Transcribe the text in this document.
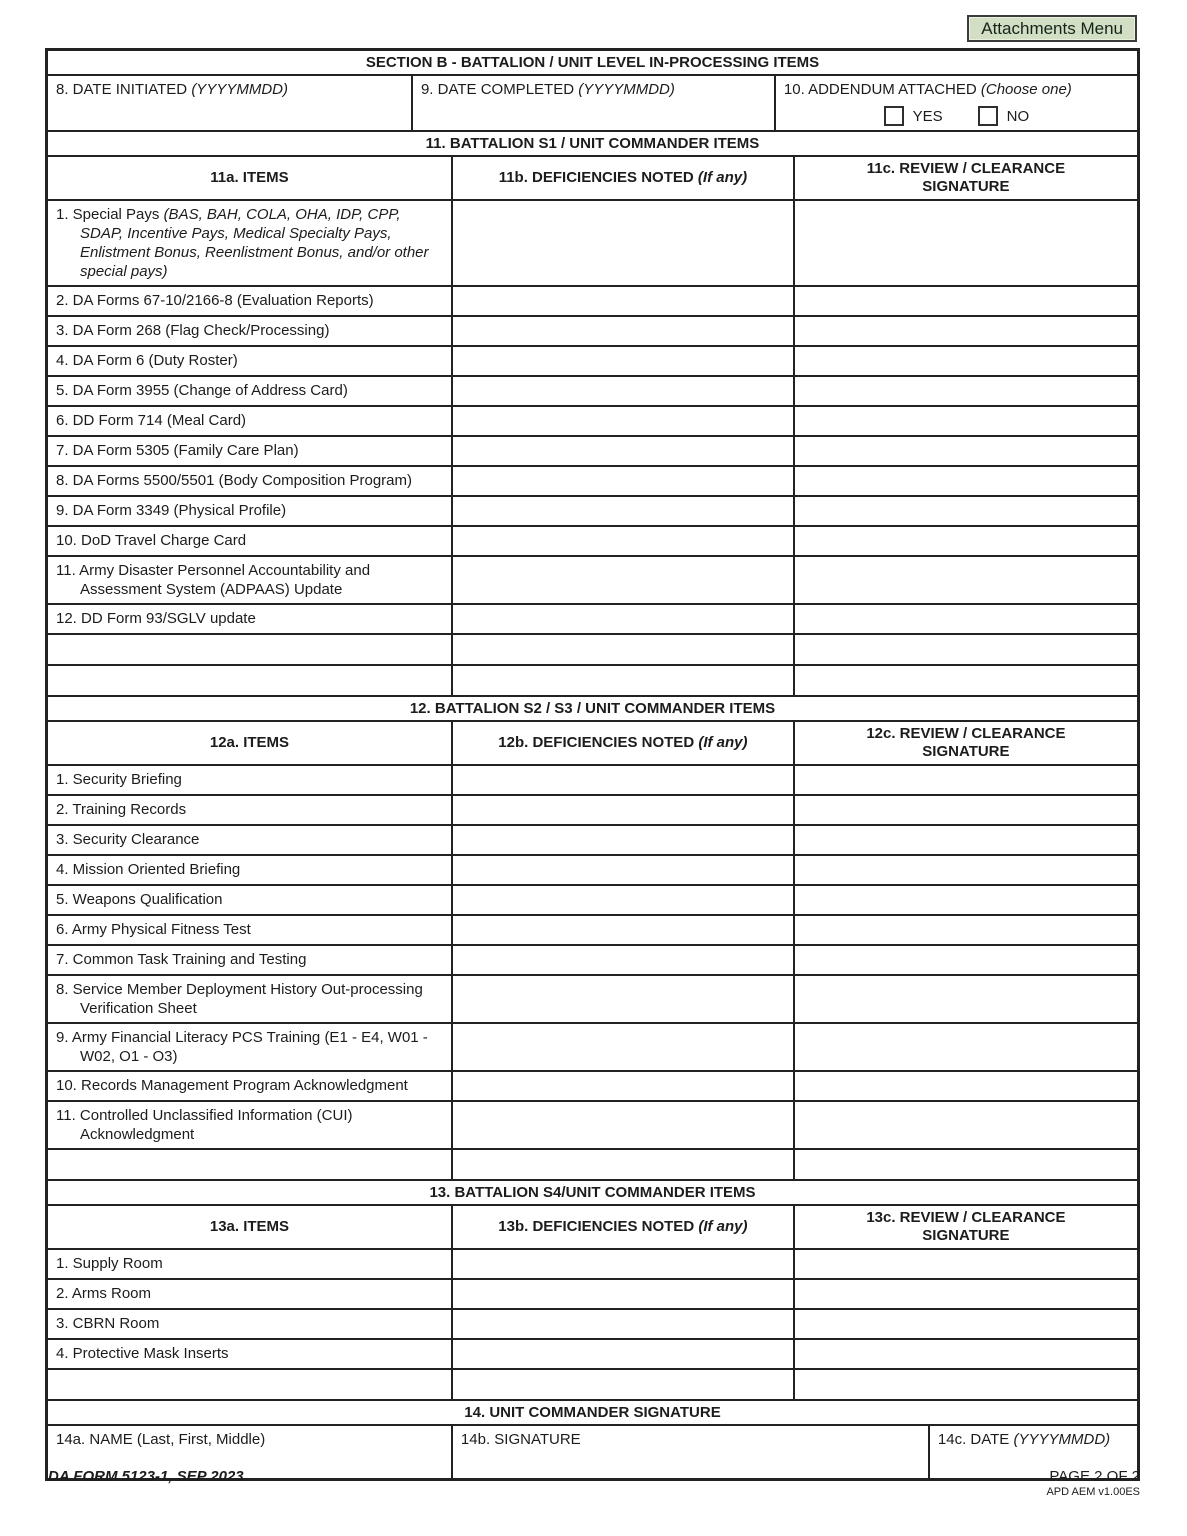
Attachments Menu
SECTION B - BATTALION / UNIT LEVEL IN-PROCESSING ITEMS
8. DATE INITIATED (YYYYMMDD)	9. DATE COMPLETED (YYYYMMDD)	10. ADDENDUM ATTACHED (Choose one)
YES	NO
11. BATTALION S1 / UNIT COMMANDER ITEMS
11a. ITEMS	11b. DEFICIENCIES NOTED (If any)
11c. REVIEW / CLEARANCE SIGNATURE
1. Special Pays (BAS, BAH, COLA, OHA, IDP, CPP, SDAP, Incentive Pays, Medical Specialty Pays, Enlistment Bonus, Reenlistment Bonus, and/or other special pays)
2. DA Forms 67-10/2166-8 (Evaluation Reports)
3. DA Form 268 (Flag Check/Processing)
4. DA Form 6 (Duty Roster)
5. DA Form 3955 (Change of Address Card)
6. DD Form 714 (Meal Card)
7. DA Form 5305 (Family Care Plan)
8. DA Forms 5500/5501 (Body Composition Program)
9. DA Form 3349 (Physical Profile)
10. DoD Travel Charge Card
11. Army Disaster Personnel Accountability and Assessment System (ADPAAS) Update
12. DD Form 93/SGLV update
12. BATTALION S2 / S3 / UNIT COMMANDER ITEMS
12a. ITEMS	12b. DEFICIENCIES NOTED (If any)
12c. REVIEW / CLEARANCE SIGNATURE
1. Security Briefing
2. Training Records
3. Security Clearance
4. Mission Oriented Briefing
5. Weapons Qualification
6. Army Physical Fitness Test
7. Common Task Training and Testing
8. Service Member Deployment History Out-processing Verification Sheet
9. Army Financial Literacy PCS Training (E1 - E4, W01 - W02, O1 - O3)
10. Records Management Program Acknowledgment
11. Controlled Unclassified Information (CUI) Acknowledgment
13. BATTALION S4/UNIT COMMANDER ITEMS
13a. ITEMS	13b. DEFICIENCIES NOTED (If any)
13c. REVIEW / CLEARANCE SIGNATURE
1. Supply Room
2. Arms Room
3. CBRN Room
4. Protective Mask Inserts
14. UNIT COMMANDER SIGNATURE
14a. NAME (Last, First, Middle)	14b. SIGNATURE	14c. DATE (YYYYMMDD)
DA FORM 5123-1, SEP 2023	PAGE 2 OF 2
APD AEM v1.00ES
